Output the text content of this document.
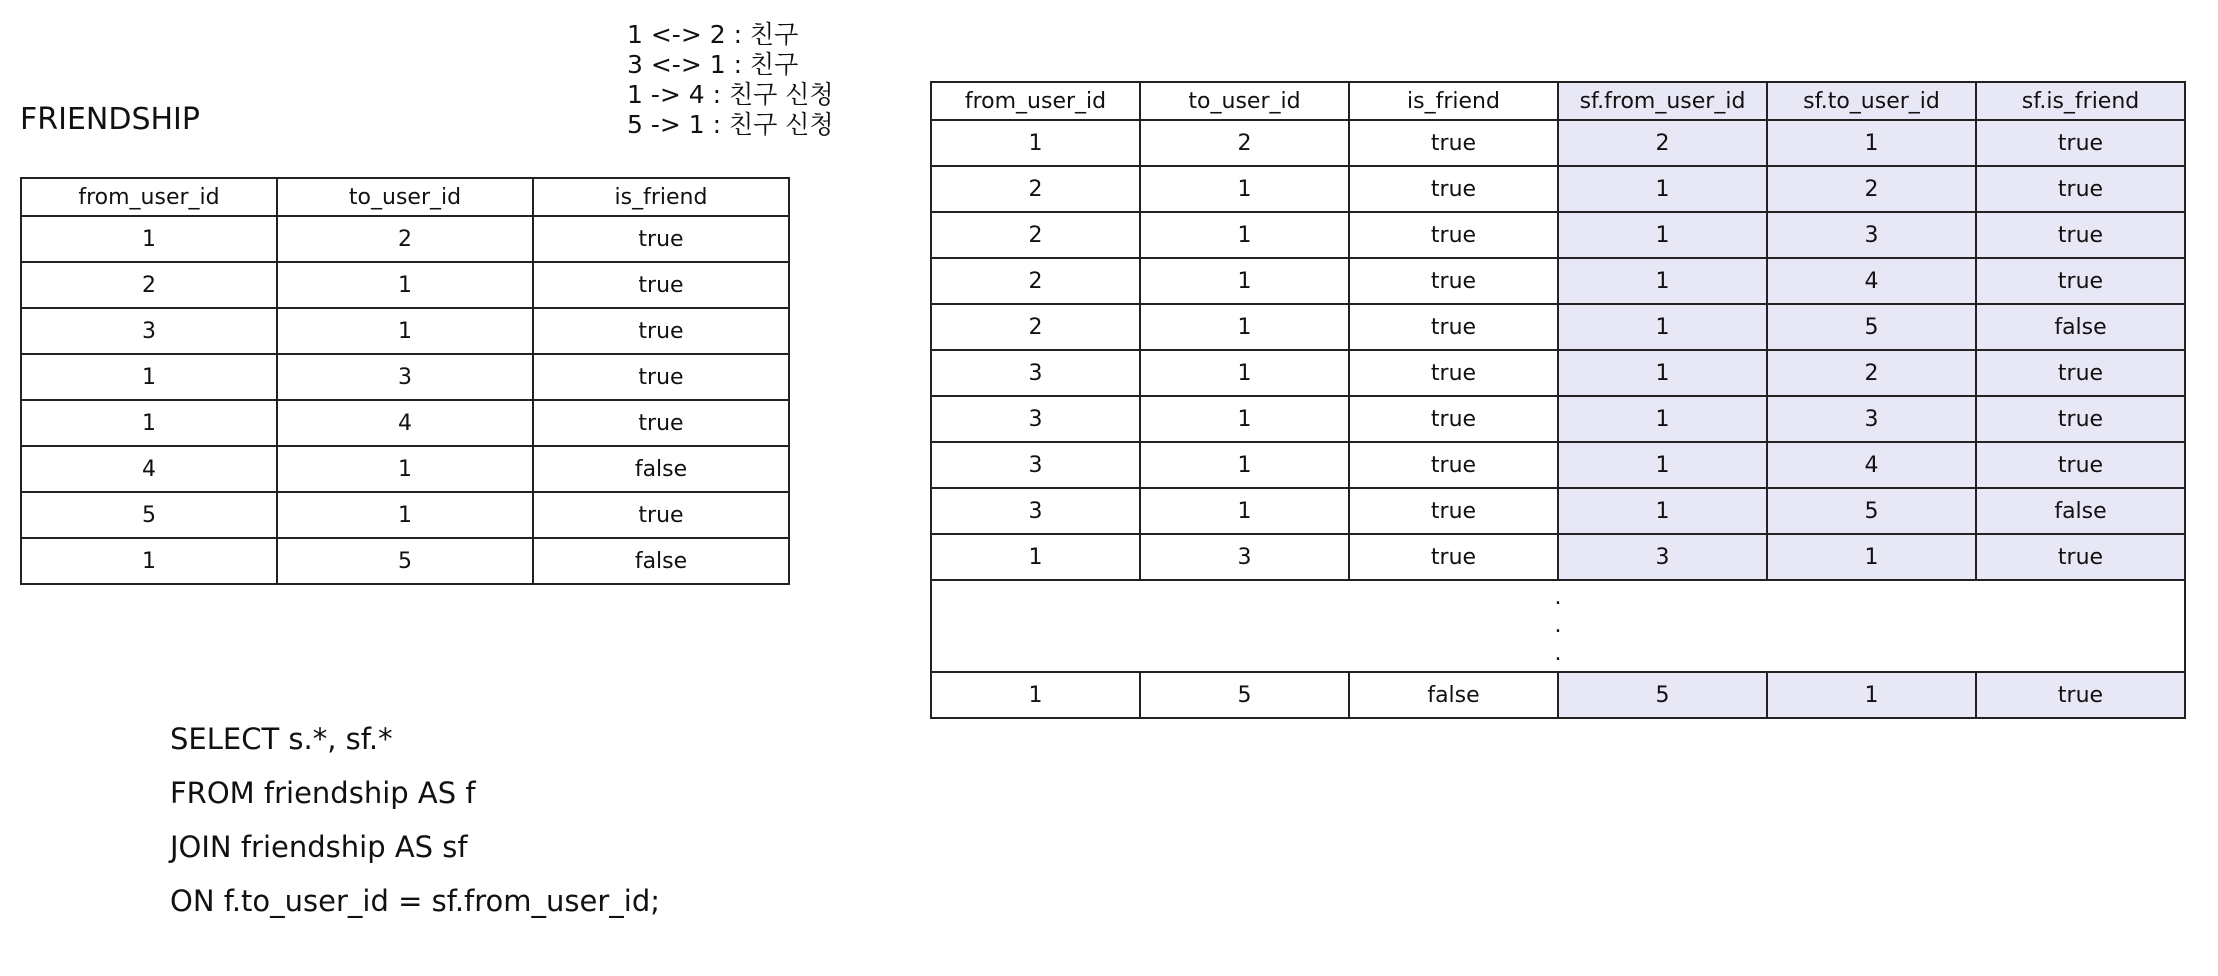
FRIENDSHIP
1 <-> 2 : 친구
3 <-> 1 : 친구
1 -> 4 : 친구 신청
5 -> 1 : 친구 신청
from_user_id	to_user_id	is_friend
1	2	true
2	1	true
3	1	true
1	3	true
1	4	true
4	1	false
5	1	true
1	5	false
from_user_id	to_user_id	is_friend	sf.from_user_id	sf.to_user_id	sf.is_friend
1	2	true	2	1	true
2	1	true	1	2	true
2	1	true	1	3	true
2	1	true	1	4	true
2	1	true	1	5	false
3	1	true	1	2	true
3	1	true	1	3	true
3	1	true	1	4	true
3	1	true	1	5	false
1	3	true	3	1	true

.
.
.					

1	5	false	5	1	true
SELECT s.*, sf.*
FROM friendship AS f
JOIN friendship AS sf
ON f.to_user_id = sf.from_user_id;
